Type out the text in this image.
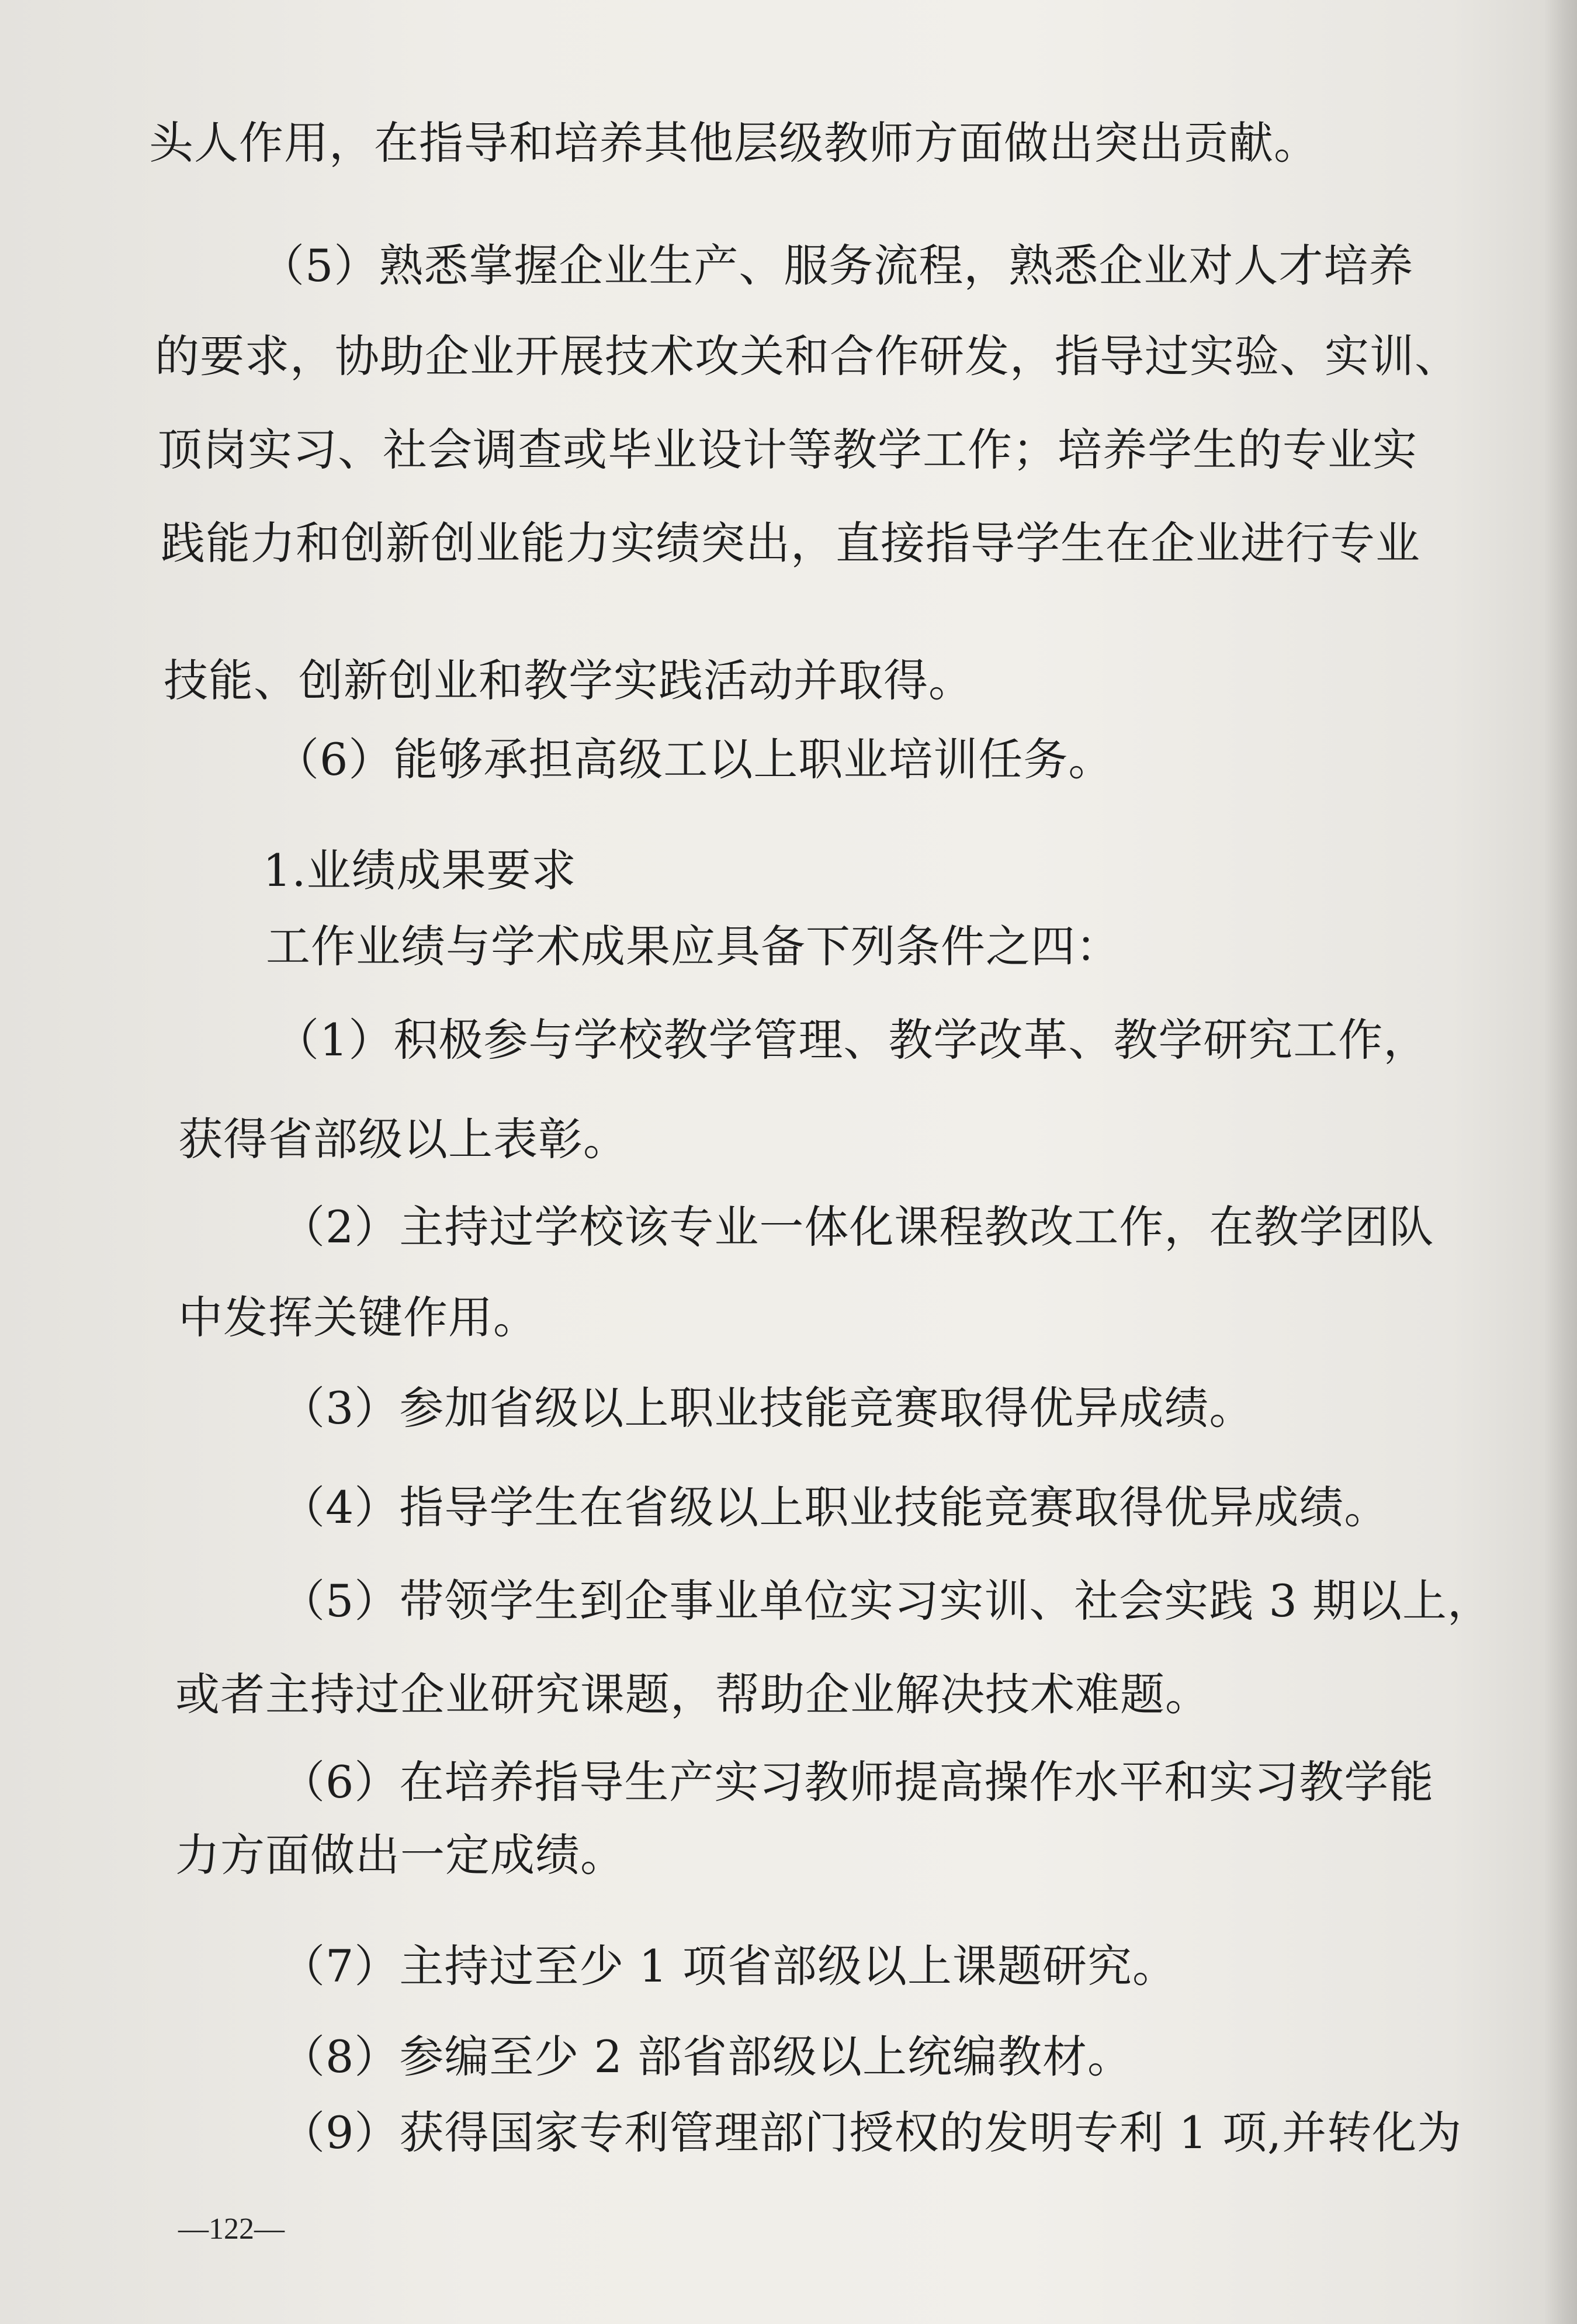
头人作用，在指导和培养其他层级教师方面做出突出贡献。
（5）熟悉掌握企业生产、服务流程，熟悉企业对人才培养
的要求，协助企业开展技术攻关和合作研发，指导过实验、实训、
顶岗实习、社会调查或毕业设计等教学工作；培养学生的专业实
践能力和创新创业能力实绩突出，直接指导学生在企业进行专业
技能、创新创业和教学实践活动并取得。
（6）能够承担高级工以上职业培训任务。
1.业绩成果要求
工作业绩与学术成果应具备下列条件之四：
（1）积极参与学校教学管理、教学改革、教学研究工作，
获得省部级以上表彰。
（2）主持过学校该专业一体化课程教改工作，在教学团队
中发挥关键作用。
（3）参加省级以上职业技能竞赛取得优异成绩。
（4）指导学生在省级以上职业技能竞赛取得优异成绩。
（5）带领学生到企事业单位实习实训、社会实践 3 期以上，
或者主持过企业研究课题，帮助企业解决技术难题。
（6）在培养指导生产实习教师提高操作水平和实习教学能
力方面做出一定成绩。
（7）主持过至少 1 项省部级以上课题研究。
（8）参编至少 2 部省部级以上统编教材。
（9）获得国家专利管理部门授权的发明专利 1 项,并转化为
—122—
